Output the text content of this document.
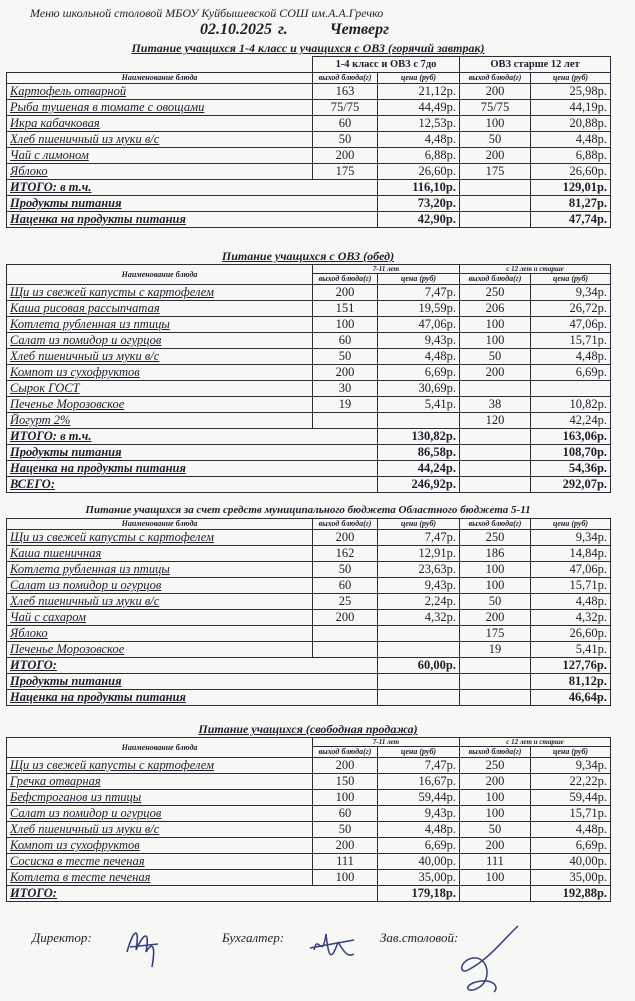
Меню школьной столовой МБОУ Куйбышевской СОШ им.А.А.Гречко
02.10.2025 г.	Четверг
Питание учащихся 1-4 класс и учащихся с ОВЗ (горячий завтрак)
	1-4 класс и ОВЗ с 7до		ОВЗ старше 12 лет	
Наименование блюда	выход блюда(г)	цена (руб)	выход блюда(г)	цена (руб)
Картофель отварной	163	21,12р.	200	25,98р.
Рыба тушеная в томате с овощами	75/75	44,49р.	75/75	44,19р.
Икра кабачковая	60	12,53р.	100	20,88р.
Хлеб пшеничный из муки в/с	50	4,48р.	50	4,48р.
Чай с лимоном	200	6,88р.	200	6,88р.
Яблоко	175	26,60р.	175	26,60р.
ИТОГО: в т.ч.		116,10р.		129,01р.
Продукты питания		73,20р.		81,27р.
Наценка на продукты питания		42,90р.		47,74р.
Питание учащихся с ОВЗ (обед)
Наименование блюда	7-11 лет		с 12 лет и старше	
	выход блюда(г)	цена (руб)	выход блюда(г)	цена (руб)
Щи из свежей капусты с картофелем	200	7,47р.	250	9,34р.
Каша рисовая рассыпчатая	151	19,59р.	206	26,72р.
Котлета рубленная из птицы	100	47,06р.	100	47,06р.
Салат из помидор и огурцов	60	9,43р.	100	15,71р.
Хлеб пшеничный из муки в/с	50	4,48р.	50	4,48р.
Компот из сухофруктов	200	6,69р.	200	6,69р.
Сырок ГОСТ	30	30,69р.		
Печенье Морозовское	19	5,41р.	38	10,82р.
Йогурт 2%			120	42,24р.
ИТОГО: в т.ч.		130,82р.		163,06р.
Продукты питания		86,58р.		108,70р.
Наценка на продукты питания		44,24р.		54,36р.
ВСЕГО:		246,92р.		292,07р.
Питание учащихся за счет средств муниципального бюджета Областного бюджета 5-11
Наименование блюда	выход блюда(г)	цена (руб)	выход блюда(г)	цена (руб)
Щи из свежей капусты с картофелем	200	7,47р.	250	9,34р.
Каша пшеничная	162	12,91р.	186	14,84р.
Котлета рубленная из птицы	50	23,63р.	100	47,06р.
Салат из помидор и огурцов	60	9,43р.	100	15,71р.
Хлеб пшеничный из муки в/с	25	2,24р.	50	4,48р.
Чай с сахаром	200	4,32р.	200	4,32р.
Яблоко			175	26,60р.
Печенье Морозовское			19	5,41р.
ИТОГО:		60,00р.		127,76р.
Продукты питания				81,12р.
Наценка на продукты питания				46,64р.
Питание учащихся (свободная продажа)
Наименование блюда	7-11 лет		с 12 лет и старше	
	выход блюда(г)	цена (руб)	выход блюда(г)	цена (руб)
Щи из свежей капусты с картофелем	200	7,47р.	250	9,34р.
Гречка отварная	150	16,67р.	200	22,22р.
Бефстроганов из птицы	100	59,44р.	100	59,44р.
Салат из помидор и огурцов	60	9,43р.	100	15,71р.
Хлеб пшеничный из муки в/с	50	4,48р.	50	4,48р.
Компот из сухофруктов	200	6,69р.	200	6,69р.
Сосиска в тесте печеная	111	40,00р.	111	40,00р.
Котлета в тесте печеная	100	35,00р.	100	35,00р.
ИТОГО:		179,18р.		192,88р.
Директор:	Бухгалтер:	Зав.столовой:
